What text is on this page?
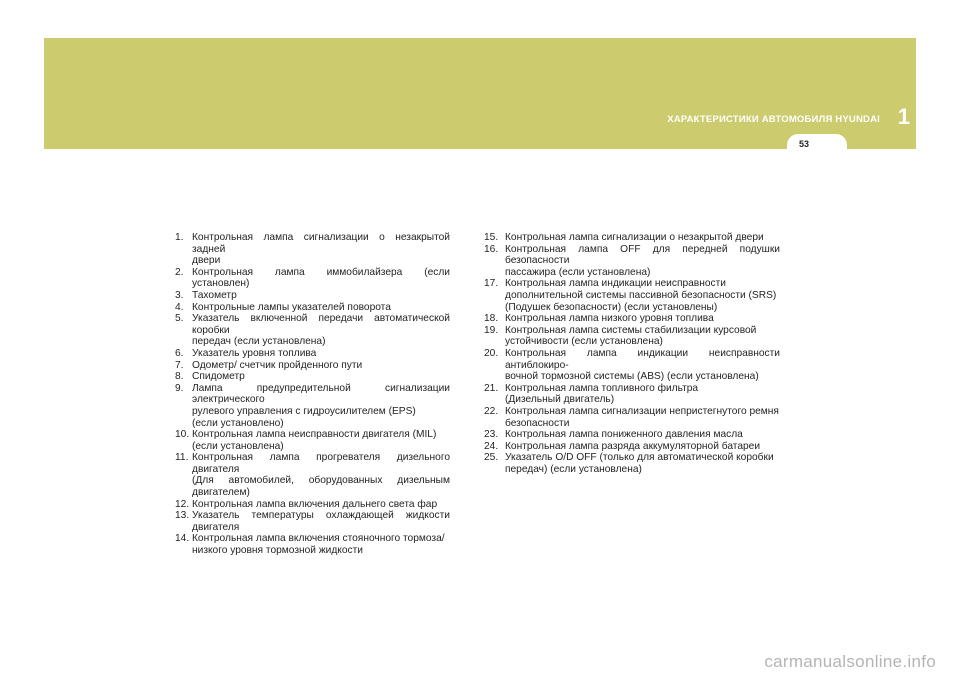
ХАРАКТЕРИСТИКИ АВТОМОБИЛЯ HYUNDAI 1
53
1. Контрольная лампа сигнализации о незакрытой задней
двери
2. Контрольная лампа иммобилайзера (если установлен)
3. Тахометр
4. Контрольные лампы указателей поворота
5. Указатель включенной передачи автоматической коробки
передач (если установлена)
6. Указатель уровня топлива
7. Одометр/ счетчик пройденного пути
8. Спидометр
9. Лампа предупредительной сигнализации электрического
рулевого управления с гидроусилителем (EPS)
(если установлено)
10. Контрольная лампа неисправности двигателя (MIL)
(если установлена)
11. Контрольная лампа прогревателя дизельного двигателя
(Для автомобилей, оборудованных дизельным двигателем)
12. Контрольная лампа включения дальнего света фар
13. Указатель температуры охлаждающей жидкости двигателя
14. Контрольная лампа включения стояночного тормоза/
низкого уровня тормозной жидкости
15. Контрольная лампа сигнализации о незакрытой двери
16. Контрольная лампа OFF для передней подушки безопасности
пассажира (если установлена)
17. Контрольная лампа индикации неисправности
дополнительной системы пассивной безопасности (SRS)
(Подушек безопасности) (если установлены)
18. Контрольная лампа низкого уровня топлива
19. Контрольная лампа системы стабилизации курсовой
устойчивости (если установлена)
20. Контрольная лампа индикации неисправности антиблокиро-
вочной тормозной системы (ABS) (если установлена)
21. Контрольная лампа топливного фильтра
(Дизельный двигатель)
22. Контрольная лампа сигнализации непристегнутого ремня
безопасности
23. Контрольная лампа пониженного давления масла
24. Контрольная лампа разряда аккумуляторной батареи
25. Указатель O/D OFF (только для автоматической коробки
передач) (если установлена)
carmanualsonline.info
